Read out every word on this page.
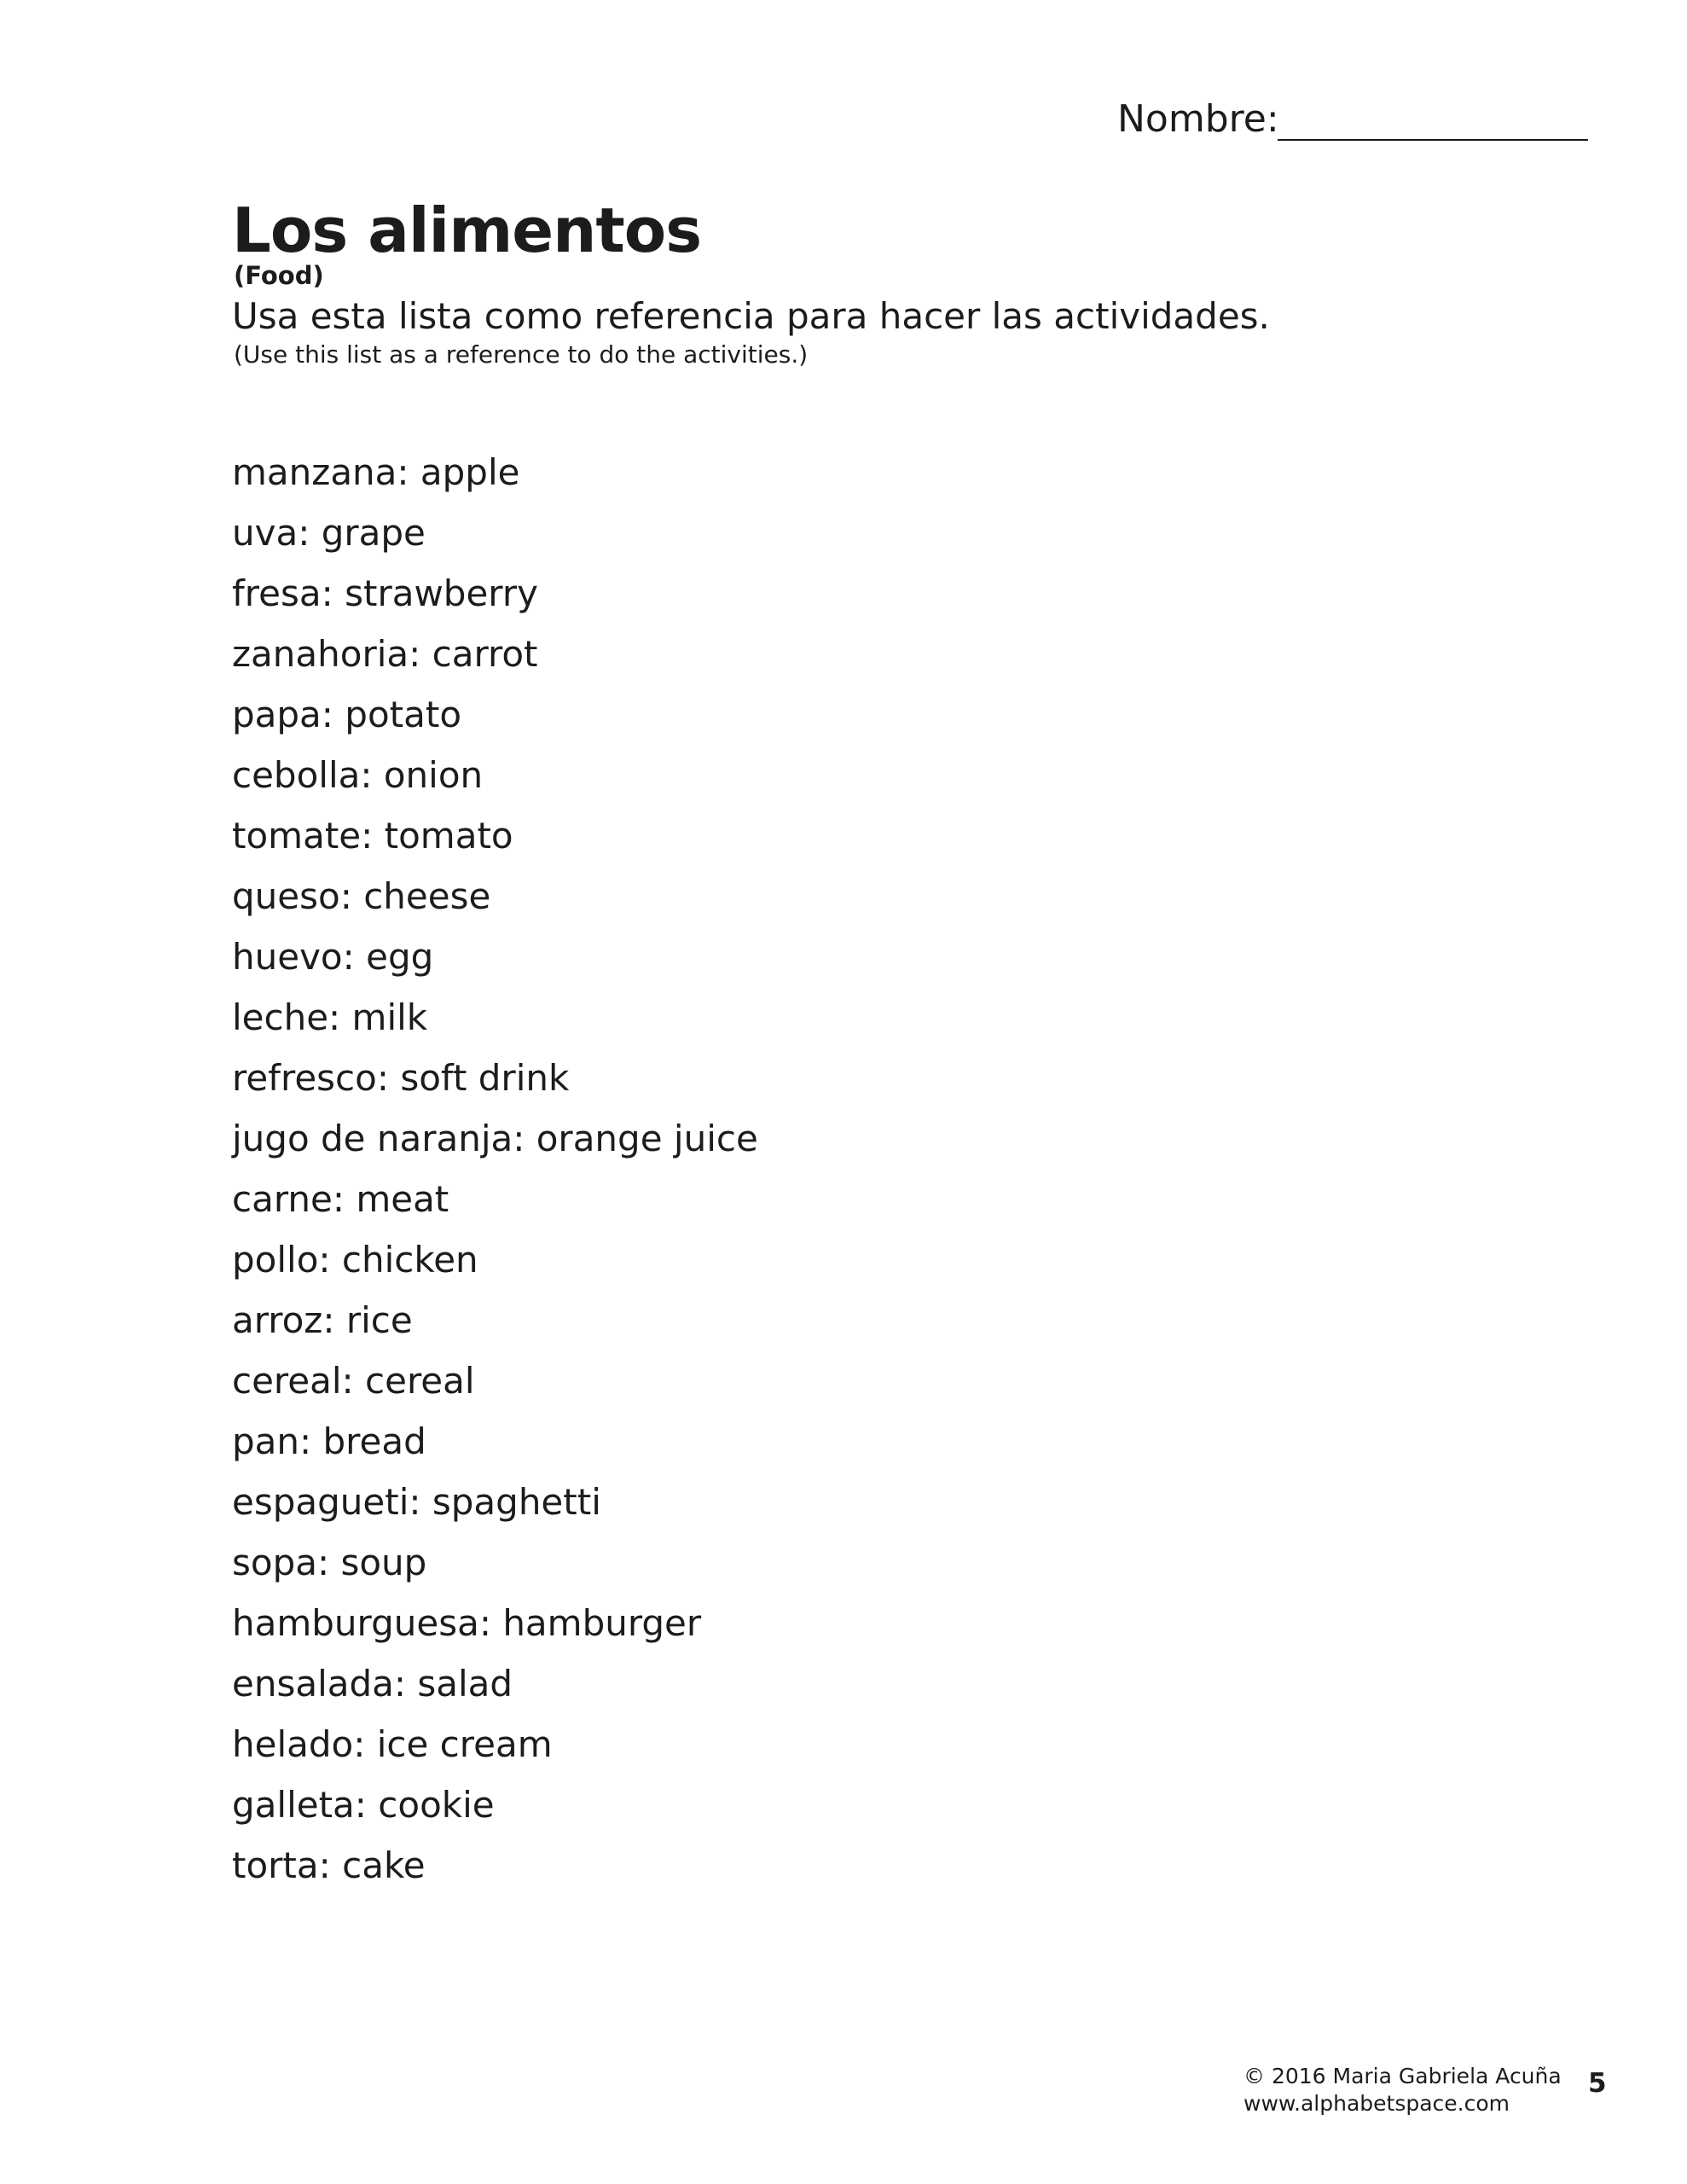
Nombre:
Los alimentos
(Food)
Usa esta lista como referencia para hacer las actividades.
(Use this list as a reference to do the activities.)
manzana: apple
uva: grape
fresa: strawberry
zanahoria: carrot
papa: potato
cebolla: onion
tomate: tomato
queso: cheese
huevo: egg
leche: milk
refresco: soft drink
jugo de naranja: orange juice
carne: meat
pollo: chicken
arroz: rice
cereal: cereal
pan: bread
espagueti: spaghetti
sopa: soup
hamburguesa: hamburger
ensalada: salad
helado: ice cream
galleta: cookie
torta: cake
© 2016 Maria Gabriela Acuña
www.alphabetspace.com
5
